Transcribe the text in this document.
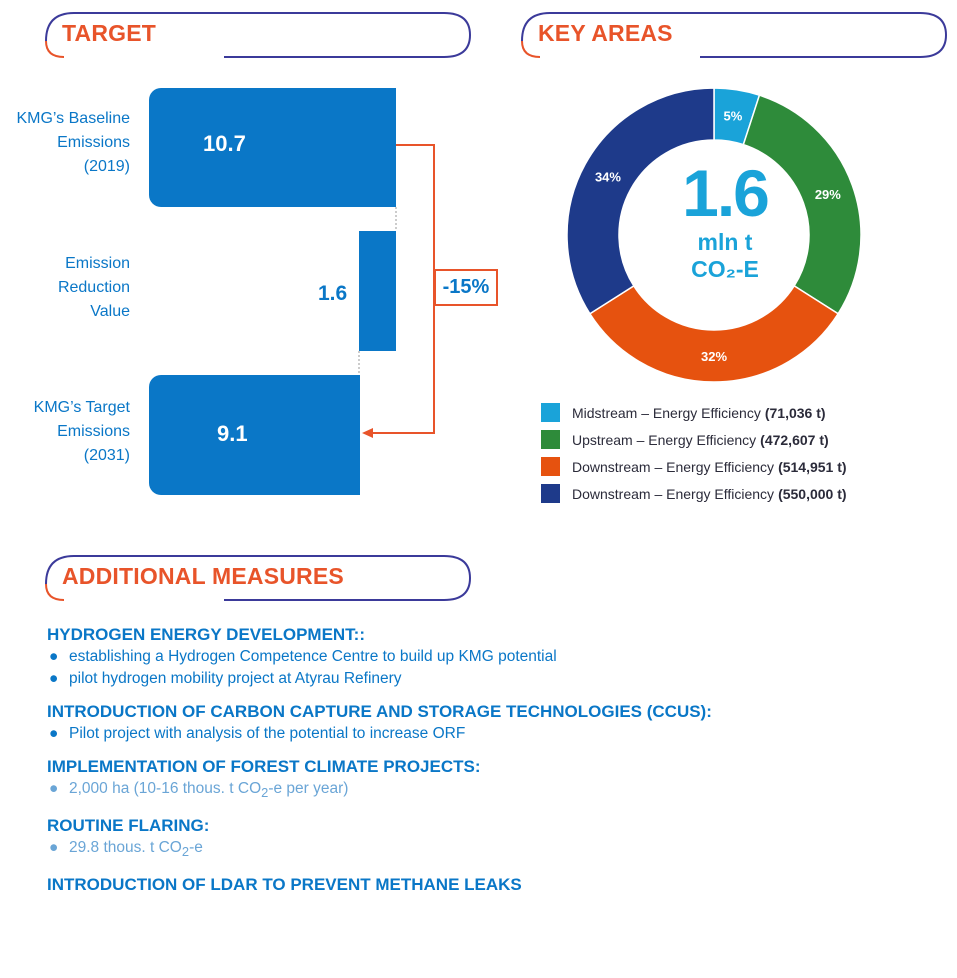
TARGET	KEY AREAS
ADDITIONAL MEASURES
KMG’s Baseline
Emissions
(2019)
10.7
Emission
Reduction
Value
1.6
KMG’s Target
Emissions
(2031)
9.1
-15%
5%
29%
32%
34% 1.6
mln t
CO₂-E
Midstream – Energy Efficiency (71,036 t)
Upstream – Energy Efficiency (472,607 t)
Downstream – Energy Efficiency (514,951 t)
Downstream – Energy Efficiency (550,000 t)

HYDROGEN ENERGY DEVELOPMENT::

● establishing a Hydrogen Competence Centre to build up KMG potential
● pilot hydrogen mobility project at Atyrau Refinery

INTRODUCTION OF CARBON CAPTURE AND STORAGE TECHNOLOGIES (CCUS):

● Pilot project with analysis of the potential to increase ORF

IMPLEMENTATION OF FOREST CLIMATE PROJECTS:

● 2,000 ha (10-16 thous. t $CO_2-e$ per year)

ROUTINE FLARING:

● 29.8 thous. t $CO_2-e$

INTRODUCTION OF LDAR TO PREVENT METHANE LEAKS
